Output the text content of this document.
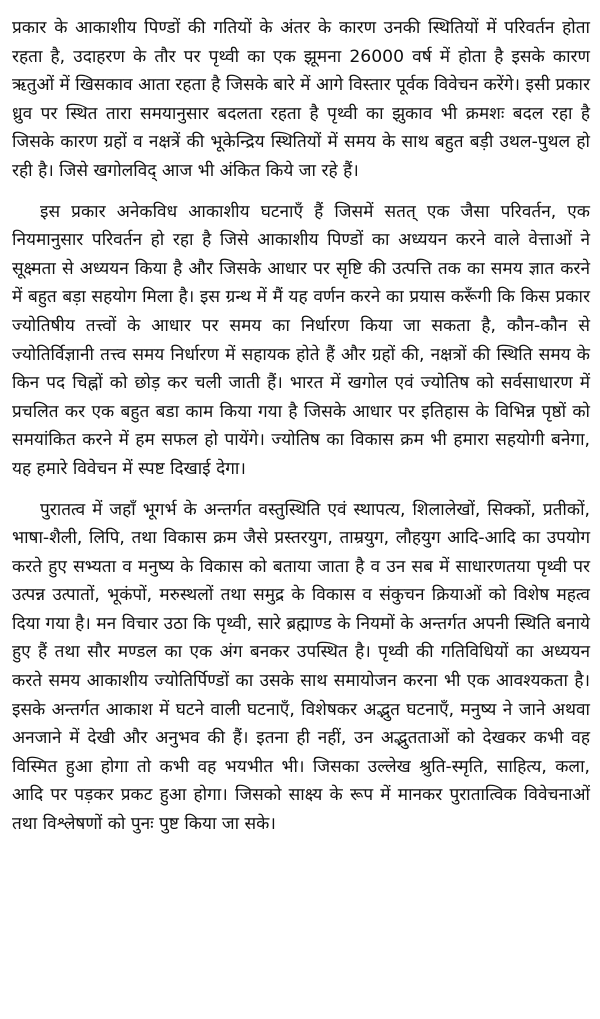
प्रकार के आकाशीय पिण्डों की गतियों के अंतर के कारण उनकी स्थितियों में परिवर्तन होता रहता है, उदाहरण के तौर पर पृथ्वी का एक झूमना 26000 वर्ष में होता है इसके कारण ऋतुओं में खिसकाव आता रहता है जिसके बारे में आगे विस्तार पूर्वक विवेचन करेंगे। इसी प्रकार ध्रुव पर स्थित तारा समयानुसार बदलता रहता है पृथ्वी का झुकाव भी क्रमशः बदल रहा है जिसके कारण ग्रहों व नक्षत्रें की भूकेन्द्रिय स्थितियों में समय के साथ बहुत बड़ी उथल-पुथल हो रही है। जिसे खगोलविद् आज भी अंकित किये जा रहे हैं।

इस प्रकार अनेकविध आकाशीय घटनाएँ हैं जिसमें सतत् एक जैसा परिवर्तन, एक नियमानुसार परिवर्तन हो रहा है जिसे आकाशीय पिण्डों का अध्ययन करने वाले वेत्ताओं ने सूक्ष्मता से अध्ययन किया है और जिसके आधार पर सृष्टि की उत्पत्ति तक का समय ज्ञात करने में बहुत बड़ा सहयोग मिला है। इस ग्रन्थ में मैं यह वर्णन करने का प्रयास करूँगी कि किस प्रकार ज्योतिषीय तत्त्वों के आधार पर समय का निर्धारण किया जा सकता है, कौन-कौन से ज्योतिर्विज्ञानी तत्त्व समय निर्धारण में सहायक होते हैं और ग्रहों की, नक्षत्रों की स्थिति समय के किन पद चिह्नों को छोड़ कर चली जाती हैं। भारत में खगोल एवं ज्योतिष को सर्वसाधारण में प्रचलित कर एक बहुत बडा काम किया गया है जिसके आधार पर इतिहास के विभिन्न पृष्ठों को समयांकित करने में हम सफल हो पायेंगे। ज्योतिष का विकास क्रम भी हमारा सहयोगी बनेगा, यह हमारे विवेचन में स्पष्ट दिखाई देगा।

पुरातत्व में जहाँ भूगर्भ के अन्तर्गत वस्तुस्थिति एवं स्थापत्य, शिलालेखों, सिक्कों, प्रतीकों, भाषा-शैली, लिपि, तथा विकास क्रम जैसे प्रस्तरयुग, ताम्रयुग, लौहयुग आदि-आदि का उपयोग करते हुए सभ्यता व मनुष्य के विकास को बताया जाता है व उन सब में साधारणतया पृथ्वी पर उत्पन्न उत्पातों, भूकंपों, मरुस्थलों तथा समुद्र के विकास व संकुचन क्रियाओं को विशेष महत्व दिया गया है। मन विचार उठा कि पृथ्वी, सारे ब्रह्माण्ड के नियमों के अन्तर्गत अपनी स्थिति बनाये हुए हैं तथा सौर मण्डल का एक अंग बनकर उपस्थित है। पृथ्वी की गतिविधियों का अध्ययन करते समय आकाशीय ज्योतिर्पिण्डों का उसके साथ समायोजन करना भी एक आवश्यकता है। इसके अन्तर्गत आकाश में घटने वाली घटनाएँ, विशेषकर अद्भुत घटनाएँ, मनुष्य ने जाने अथवा अनजाने में देखी और अनुभव की हैं। इतना ही नहीं, उन अद्भुतताओं को देखकर कभी वह विस्मित हुआ होगा तो कभी वह भयभीत भी। जिसका उल्लेख श्रुति-स्मृति, साहित्य, कला, आदि पर पड़कर प्रकट हुआ होगा। जिसको साक्ष्य के रूप में मानकर पुरातात्विक विवेचनाओं तथा विश्लेषणों को पुनः पुष्ट किया जा सके।
